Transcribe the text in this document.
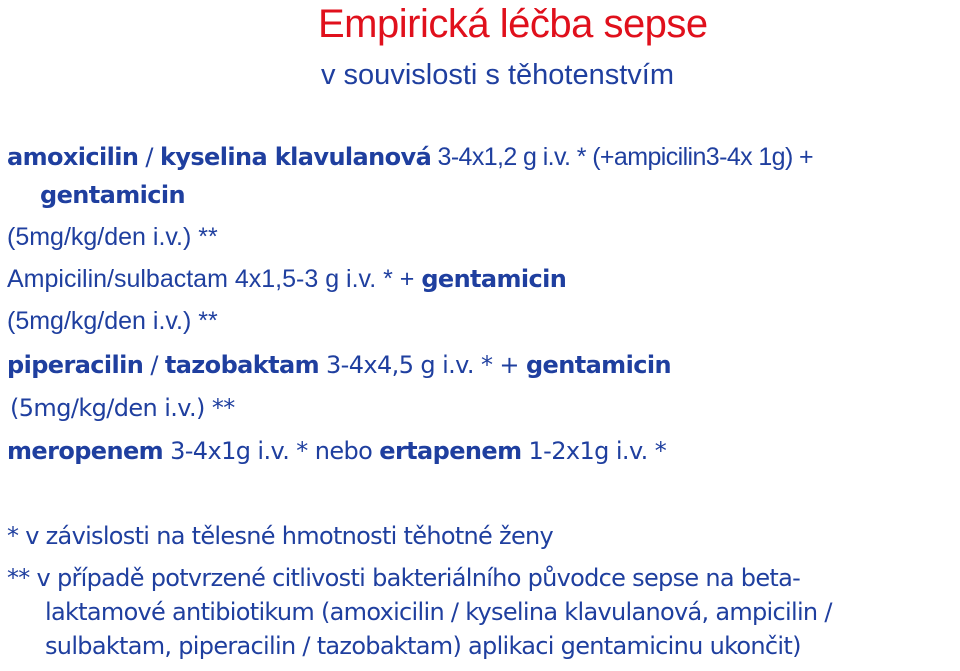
Empirická léčba sepse
v souvislosti s těhotenstvím
amoxicilin / kyselina klavulanová 3-4x1,2 g i.v. * (+ampicilin3-4x 1g) +
gentamicin
(5mg/kg/den i.v.) **
Ampicilin/sulbactam 4x1,5-3 g i.v. * + gentamicin
(5mg/kg/den i.v.) **
piperacilin / tazobaktam 3-4x4,5 g i.v. * + gentamicin
(5mg/kg/den i.v.) **
meropenem 3-4x1g i.v. * nebo ertapenem 1-2x1g i.v. *
* v závislosti na tělesné hmotnosti těhotné ženy
** v případě potvrzené citlivosti bakteriálního původce sepse na beta-
laktamové antibiotikum (amoxicilin / kyselina klavulanová, ampicilin /
sulbaktam, piperacilin / tazobaktam) aplikaci gentamicinu ukončit)
